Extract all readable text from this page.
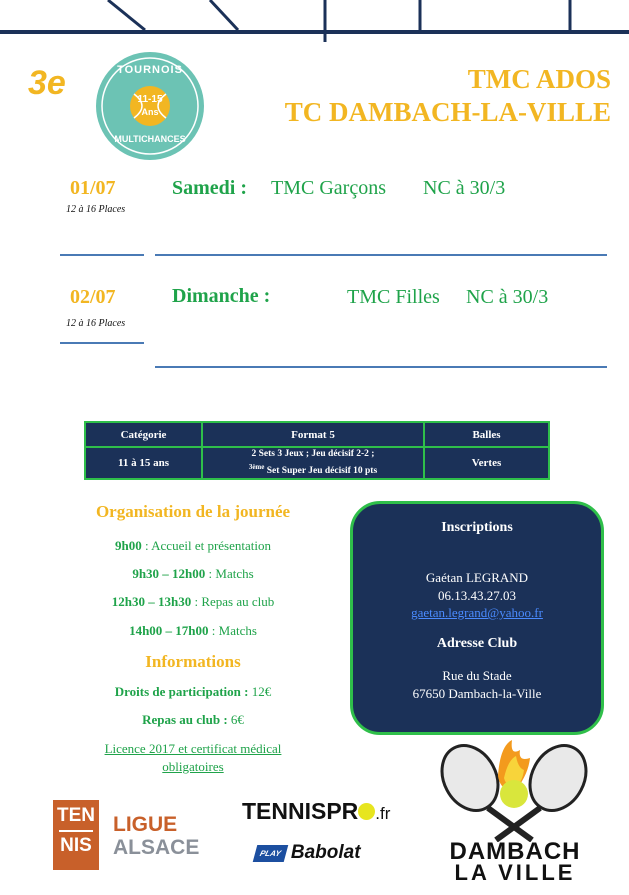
3e	TOURNOIS
11-15
Ans
MULTICHANCES
TMC ADOS
TC DAMBACH-LA-VILLE
01/07
12 à 16 Places
Samedi : TMC Garçons NC à 30/3
02/07
12 à 16 Places
Dimanche :	TMC Filles NC à 30/3
Catégorie	Format 5	Balles
11 à 15 ans	2 Sets 3 Jeux ; Jeu décisif 2-2 ;
$^{3ème}$ Set Super Jeu décisif 10 pts	Vertes
Organisation de la journée
9h00 : Accueil et présentation
9h30 – 12h00 : Matchs
12h30 – 13h30 : Repas au club
14h00 – 17h00 : Matchs
Informations
Droits de participation : 12€
Repas au club : 6€
Licence 2017 et certificat médical
obligatoires
Inscriptions
Gaétan LEGRAND
06.13.43.27.03
gaetan.legrand@yahoo.fr
Adresse Club
Rue du Stade
67650 Dambach-la-Ville
TEN
NIS
LIGUE
ALSACE
TENNISPR .fr
PLAY Babolat	DAMBACH
LA VILLE
